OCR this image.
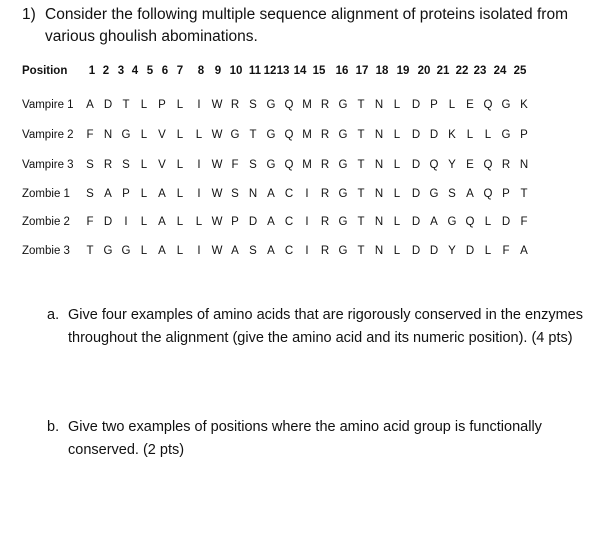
1) Consider the following multiple sequence alignment of proteins isolated from
various ghoulish abominations.
Position	1 2 3 4 5 6 7	8 9 10 11 12 13 14 15 16 17 18 19 20 21 22 23 24 25
Vampire 1	A D T L P L	I W R S G Q M R G T N L	D P L E Q G K
Vampire 2	F N G L V L	L W G T G Q M R G T N L	D D K L	L G P
Vampire 3	S R S L V L	I W F S G Q M R G T N L	D Q Y E Q R N
Zombie 1	S A P L A L	I W S N A C	I	R G T N L	D G S A Q P T
Zombie 2	F D	I	L A L	L W P D A C	I	R G T N L	D A G Q L D F
Zombie 3	T G G L A L	I W A S A C	I	R G T N L	D D Y D L F A
a. Give four examples of amino acids that are rigorously conserved in the enzymes
throughout the alignment (give the amino acid and its numeric position). (4 pts)
b. Give two examples of positions where the amino acid group is functionally
conserved. (2 pts)
